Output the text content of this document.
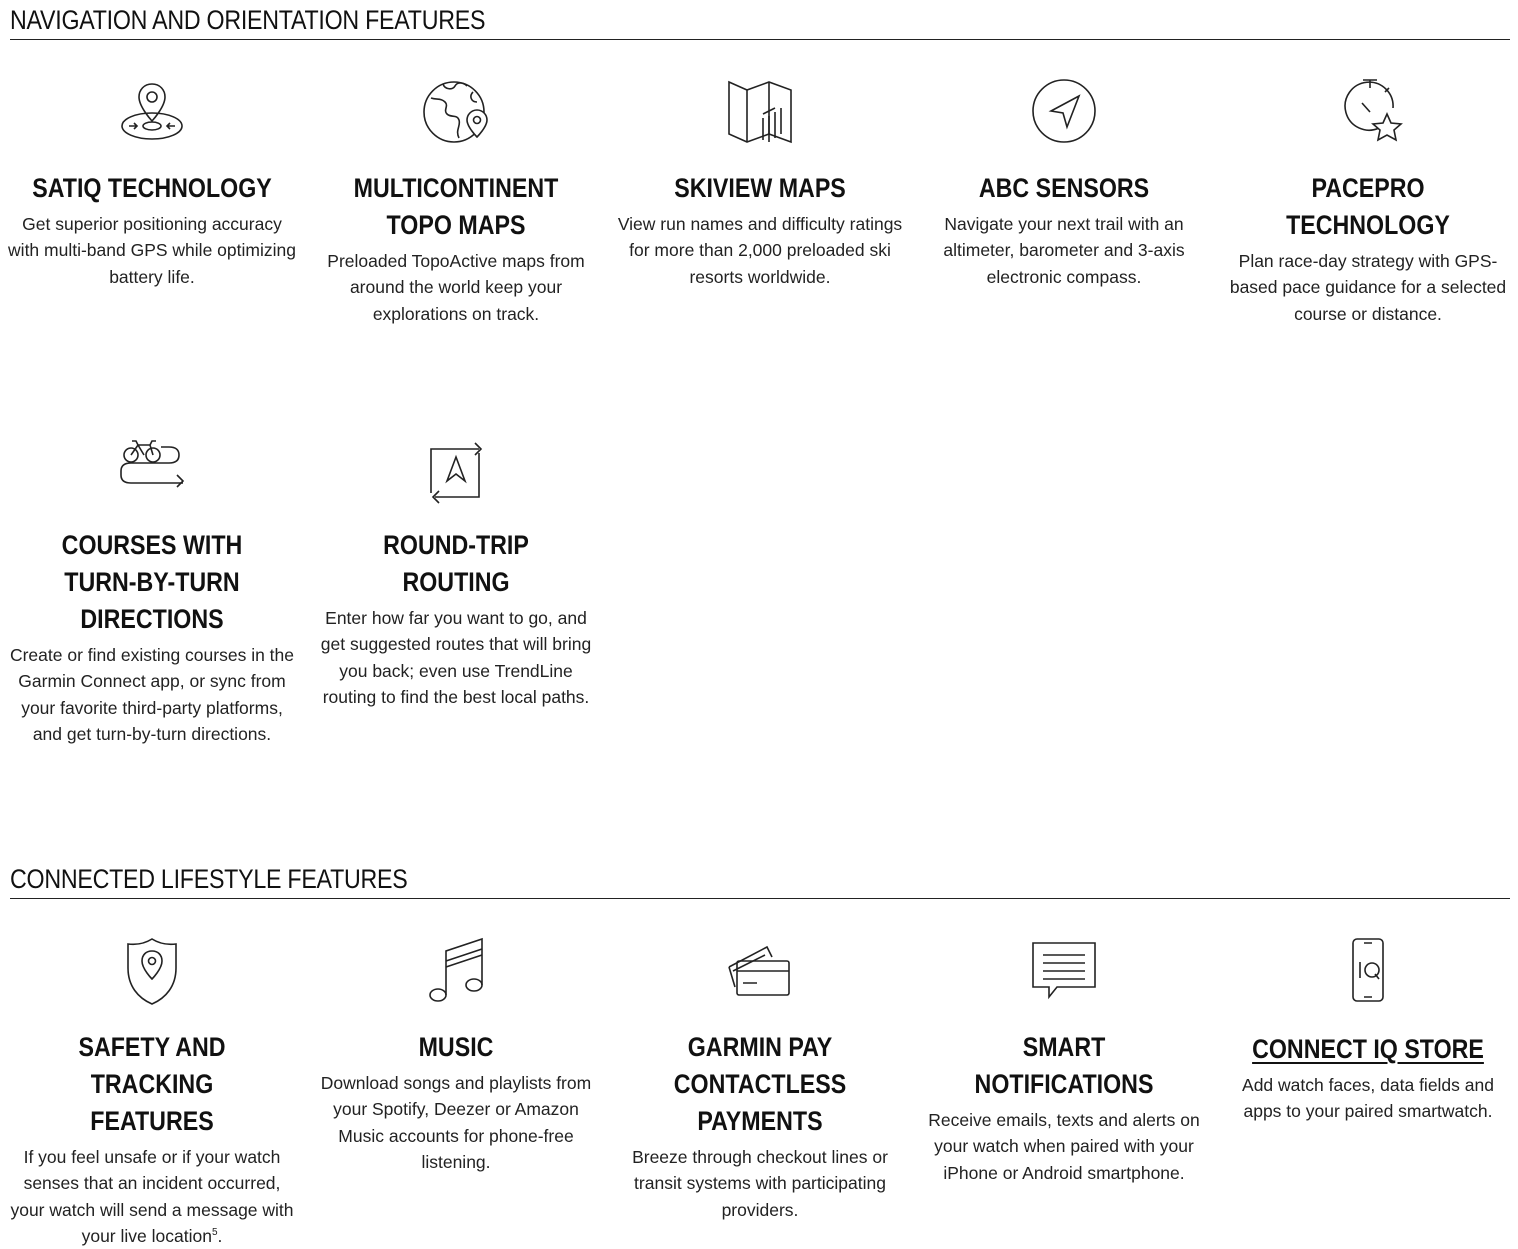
NAVIGATION AND ORIENTATION FEATURES
SATIQ TECHNOLOGY

Get superior positioning accuracy with multi-band GPS while optimizing battery life.

MULTICONTINENT TOPO MAPS

Preloaded TopoActive maps from around the world keep your explorations on track.

SKIVIEW MAPS

View run names and difficulty ratings for more than 2,000 preloaded ski resorts worldwide.

ABC SENSORS

Navigate your next trail with an altimeter, barometer and 3-axis electronic compass.

PACEPRO TECHNOLOGY

Plan race-day strategy with GPS-based pace guidance for a selected course or distance.

COURSES WITH TURN-BY-TURN DIRECTIONS

Create or find existing courses in the Garmin Connect app, or sync from your favorite third-party platforms, and get turn-by-turn directions.

ROUND-TRIP ROUTING

Enter how far you want to go, and get suggested routes that will bring you back; even use TrendLine routing to find the best local paths.

CONNECTED LIFESTYLE FEATURES
SAFETY AND TRACKING FEATURES

If you feel unsafe or if your watch senses that an incident occurred, your watch will send a message with your live location$^5$.

MUSIC

Download songs and playlists from your Spotify, Deezer or Amazon Music accounts for phone-free listening.

GARMIN PAY CONTACTLESS PAYMENTS

Breeze through checkout lines or transit systems with participating providers.

SMART NOTIFICATIONS

Receive emails, texts and alerts on your watch when paired with your iPhone or Android smartphone.

CONNECT IQ STORE

Add watch faces, data fields and apps to your paired smartwatch.
